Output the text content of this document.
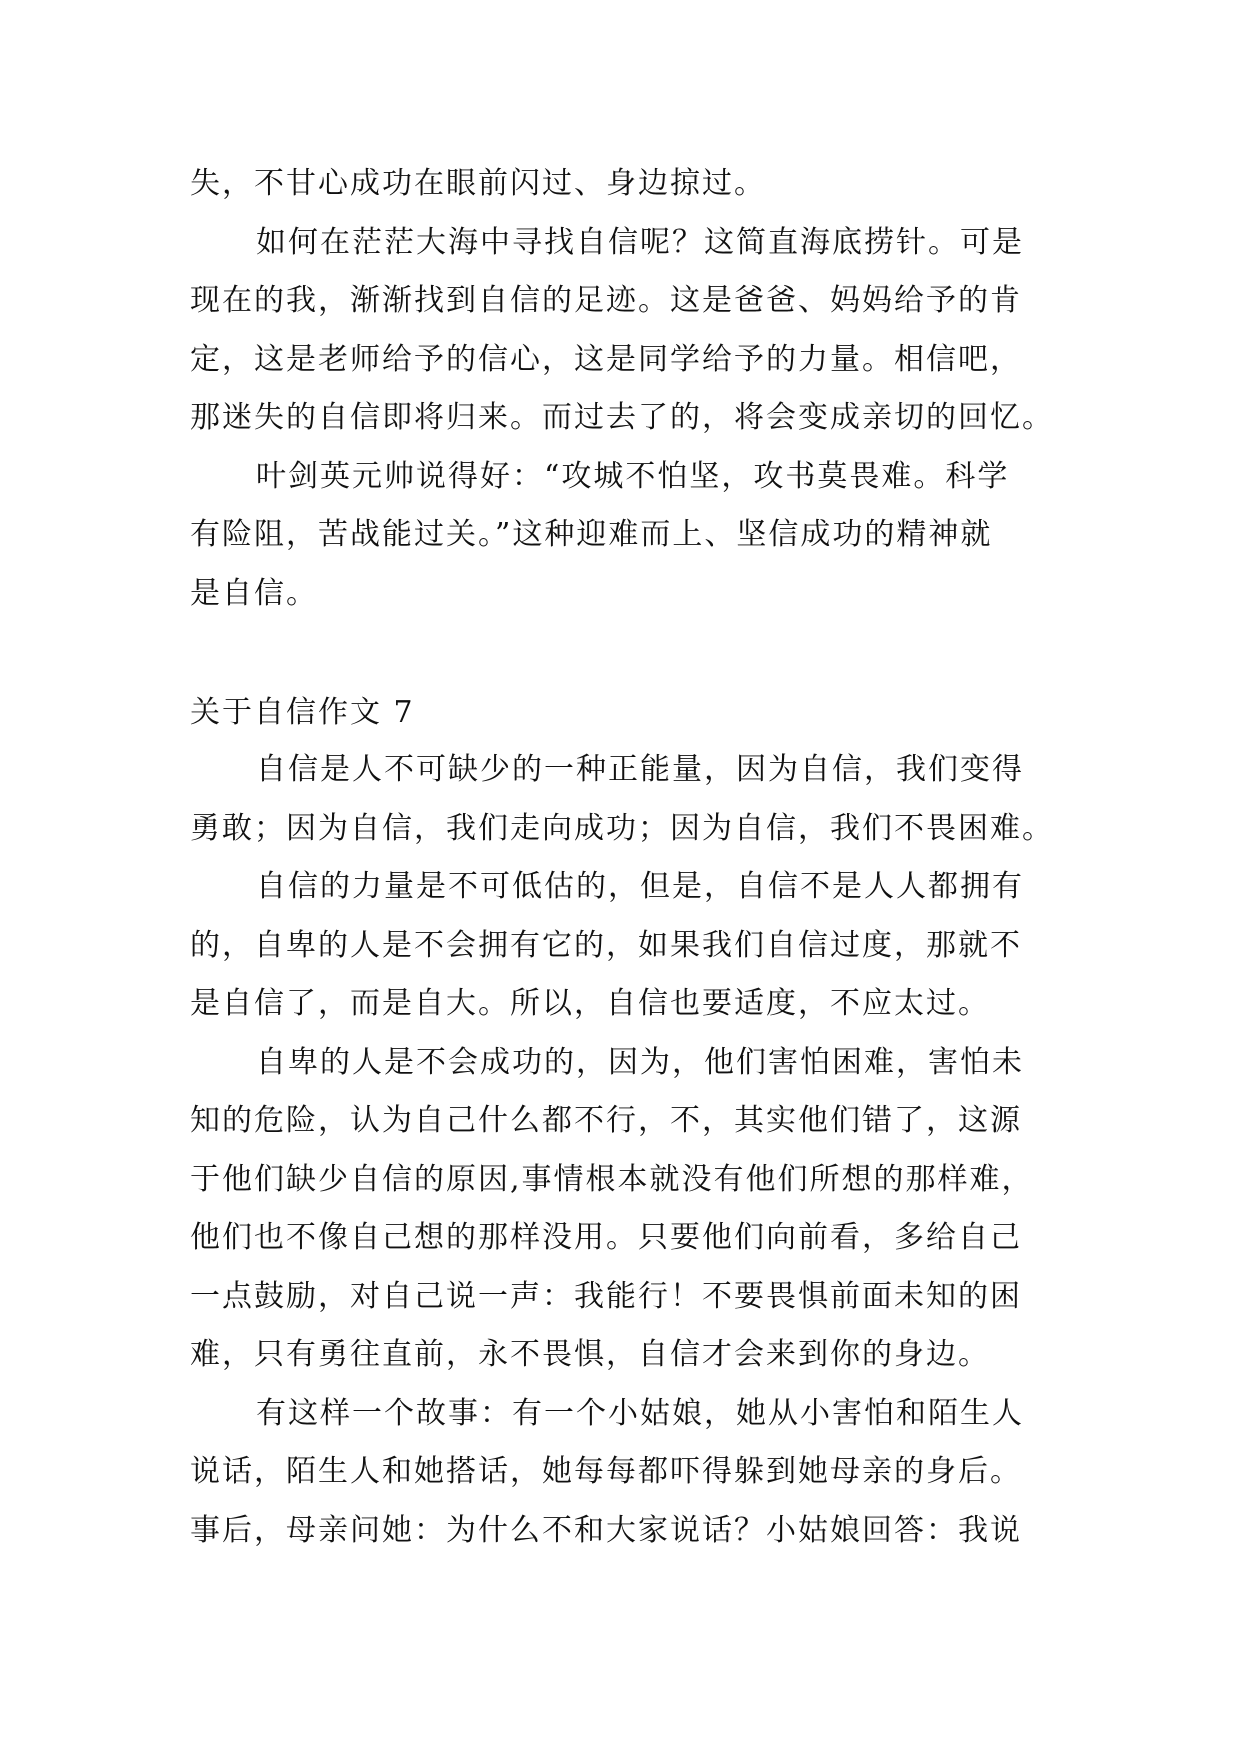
失，不甘心成功在眼前闪过、身边掠过。
如何在茫茫大海中寻找自信呢？这简直海底捞针。可是
现在的我，渐渐找到自信的足迹。这是爸爸、妈妈给予的肯
定，这是老师给予的信心，这是同学给予的力量。相信吧，
那迷失的自信即将归来。而过去了的，将会变成亲切的回忆。
叶剑英元帅说得好：“攻城不怕坚，攻书莫畏难。科学
有险阻，苦战能过关。”这种迎难而上、坚信成功的精神就
是自信。
关于自信作文 7
自信是人不可缺少的一种正能量，因为自信，我们变得
勇敢；因为自信，我们走向成功；因为自信，我们不畏困难。
自信的力量是不可低估的，但是，自信不是人人都拥有
的，自卑的人是不会拥有它的，如果我们自信过度，那就不
是自信了，而是自大。所以，自信也要适度，不应太过。
自卑的人是不会成功的，因为，他们害怕困难，害怕未
知的危险，认为自己什么都不行，不，其实他们错了，这源
于他们缺少自信的原因,事情根本就没有他们所想的那样难，
他们也不像自己想的那样没用。只要他们向前看，多给自己
一点鼓励，对自己说一声：我能行！不要畏惧前面未知的困
难，只有勇往直前，永不畏惧，自信才会来到你的身边。
有这样一个故事：有一个小姑娘，她从小害怕和陌生人
说话，陌生人和她搭话，她每每都吓得躲到她母亲的身后。
事后，母亲问她：为什么不和大家说话？小姑娘回答：我说
